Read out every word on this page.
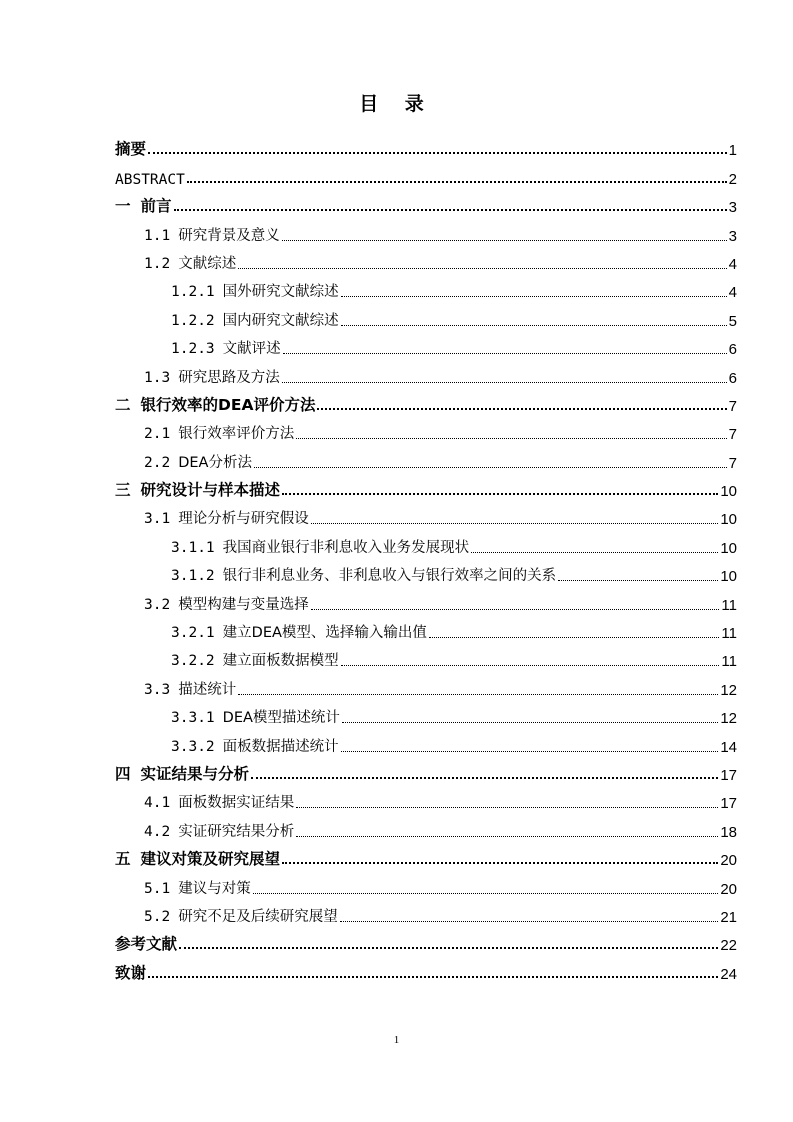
目 录
摘要	1
ABSTRACT	2
一 前言	3
1.1 研究背景及意义	3
1.2 文献综述	4
1.2.1 国外研究文献综述	4
1.2.2 国内研究文献综述	5
1.2.3 文献评述	6
1.3 研究思路及方法	6
二 银行效率的DEA评价方法	7
2.1 银行效率评价方法	7
2.2 DEA分析法	7
三 研究设计与样本描述	10
3.1 理论分析与研究假设	10
3.1.1 我国商业银行非利息收入业务发展现状	10
3.1.2 银行非利息业务、非利息收入与银行效率之间的关系	10
3.2 模型构建与变量选择	11
3.2.1 建立DEA模型、选择输入输出值	11
3.2.2 建立面板数据模型	11
3.3 描述统计	12
3.3.1 DEA模型描述统计	12
3.3.2 面板数据描述统计	14
四 实证结果与分析	17
4.1 面板数据实证结果	17
4.2 实证研究结果分析	18
五 建议对策及研究展望	20
5.1 建议与对策	20
5.2 研究不足及后续研究展望	21
参考文献	22
致谢	24
1
